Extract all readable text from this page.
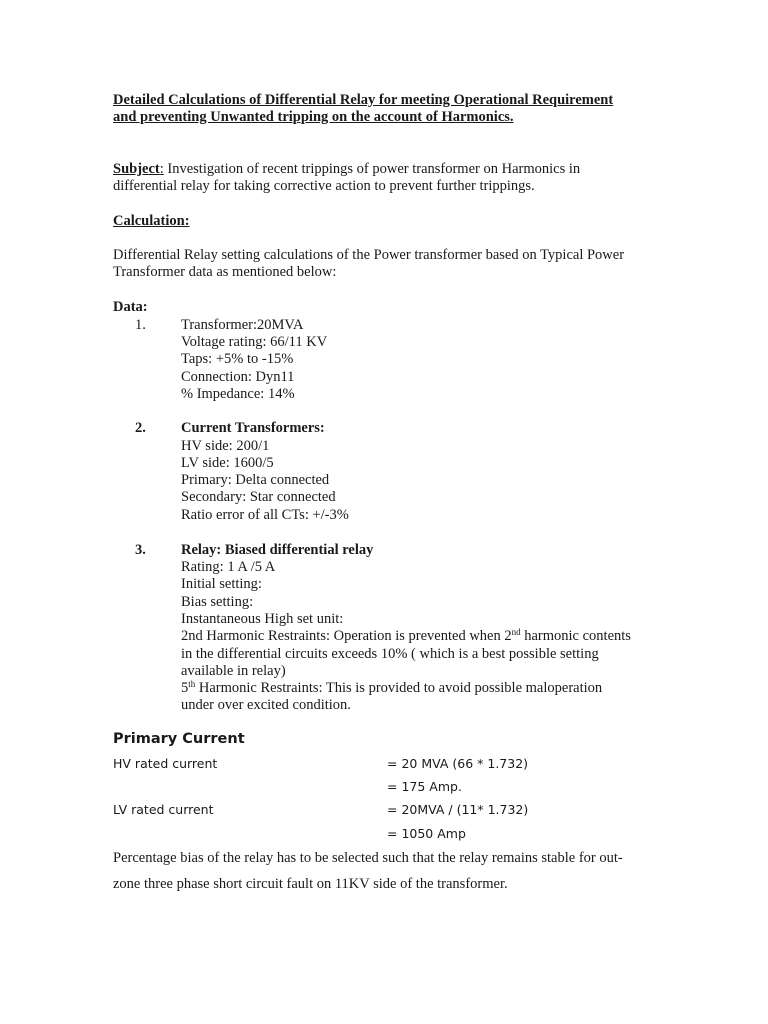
Detailed Calculations of Differential Relay for meeting Operational Requirement
and preventing Unwanted tripping on the account of Harmonics.
Subject: Investigation of recent trippings of power transformer on Harmonics in
differential relay for taking corrective action to prevent further trippings.
Calculation:
Differential Relay setting calculations of the Power transformer based on Typical Power
Transformer data as mentioned below:
Data:
1. Transformer:20MVA
Voltage rating: 66/11 KV
Taps: +5% to -15%
Connection: Dyn11
% Impedance: 14%
2. Current Transformers:
HV side: 200/1
LV side: 1600/5
Primary: Delta connected
Secondary: Star connected
Ratio error of all CTs: +/-3%
3. Relay: Biased differential relay
Rating: 1 A /5 A
Initial setting:
Bias setting:
Instantaneous High set unit:
2nd Harmonic Restraints: Operation is prevented when 2nd harmonic contents
in the differential circuits exceeds 10% ( which is a best possible setting
available in relay)
5th Harmonic Restraints: This is provided to avoid possible maloperation
under over excited condition.
Primary Current
HV rated current	= 20 MVA (66 * 1.732)
= 175 Amp.
LV rated current	= 20MVA / (11* 1.732)
= 1050 Amp
Percentage bias of the relay has to be selected such that the relay remains stable for out-
zone three phase short circuit fault on 11KV side of the transformer.
